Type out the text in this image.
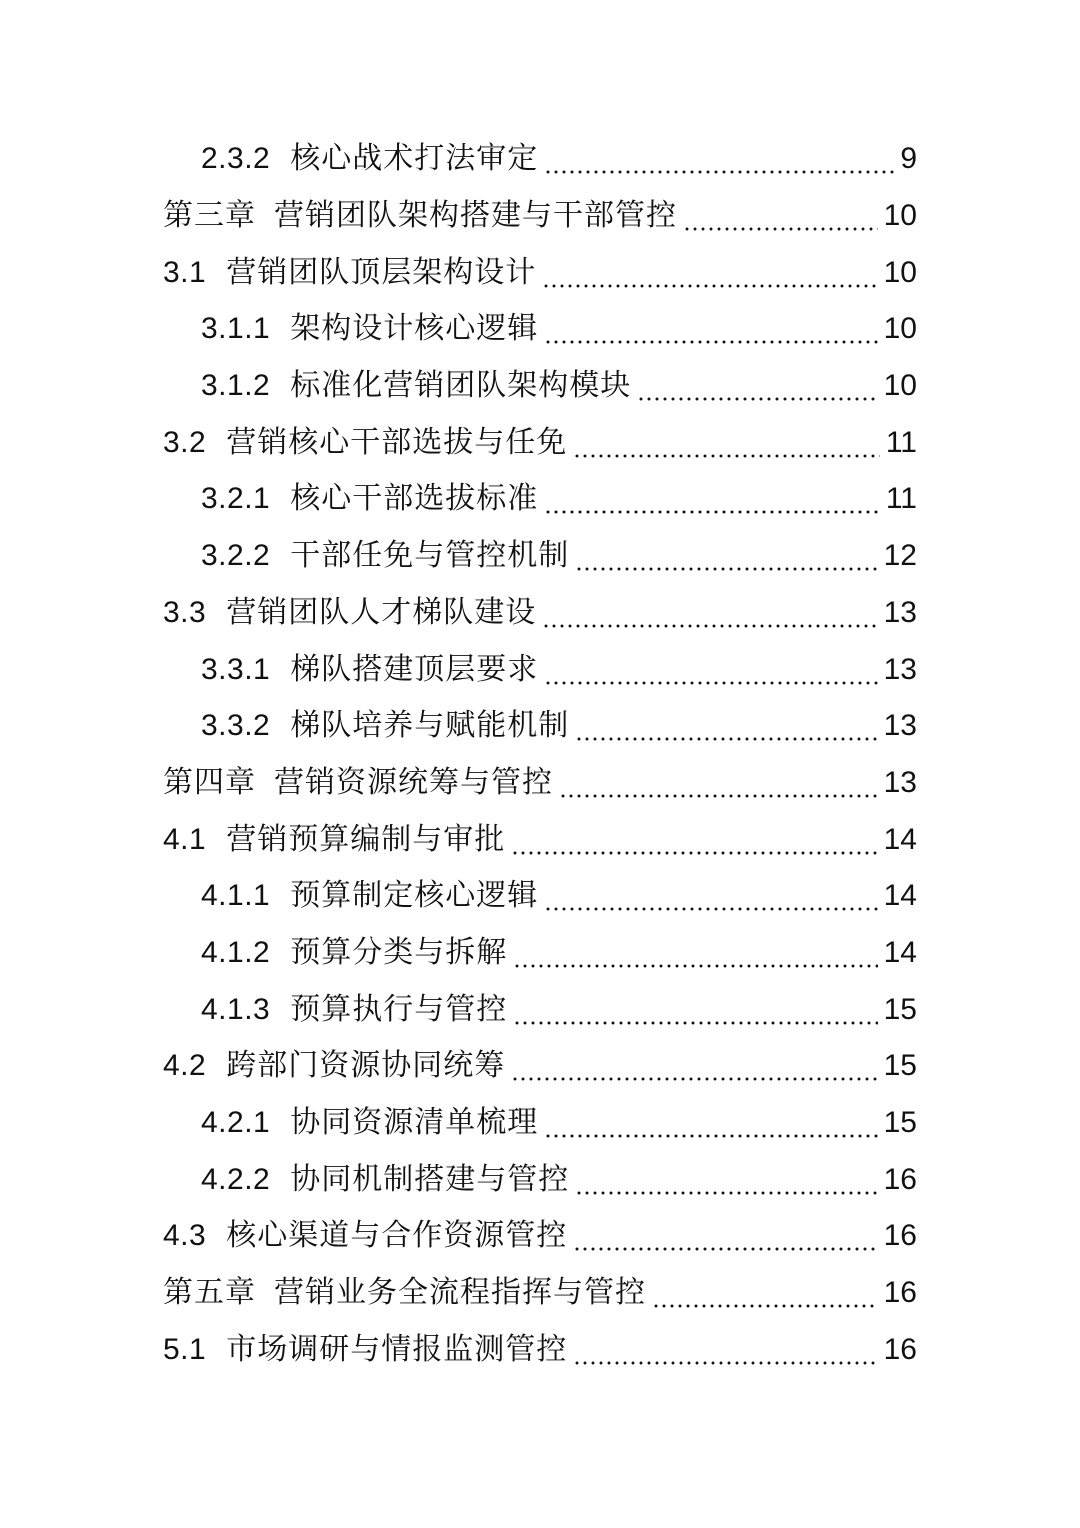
2.3.2 核心战术打法审定	9
第三章 营销团队架构搭建与干部管控	10
3.1 营销团队顶层架构设计	10
3.1.1 架构设计核心逻辑	10
3.1.2 标准化营销团队架构模块	10
3.2 营销核心干部选拔与任免	11
3.2.1 核心干部选拔标准	11
3.2.2 干部任免与管控机制	12
3.3 营销团队人才梯队建设	13
3.3.1 梯队搭建顶层要求	13
3.3.2 梯队培养与赋能机制	13
第四章 营销资源统筹与管控	13
4.1 营销预算编制与审批	14
4.1.1 预算制定核心逻辑	14
4.1.2 预算分类与拆解	14
4.1.3 预算执行与管控	15
4.2 跨部门资源协同统筹	15
4.2.1 协同资源清单梳理	15
4.2.2 协同机制搭建与管控	16
4.3 核心渠道与合作资源管控	16
第五章 营销业务全流程指挥与管控	16
5.1 市场调研与情报监测管控	16
